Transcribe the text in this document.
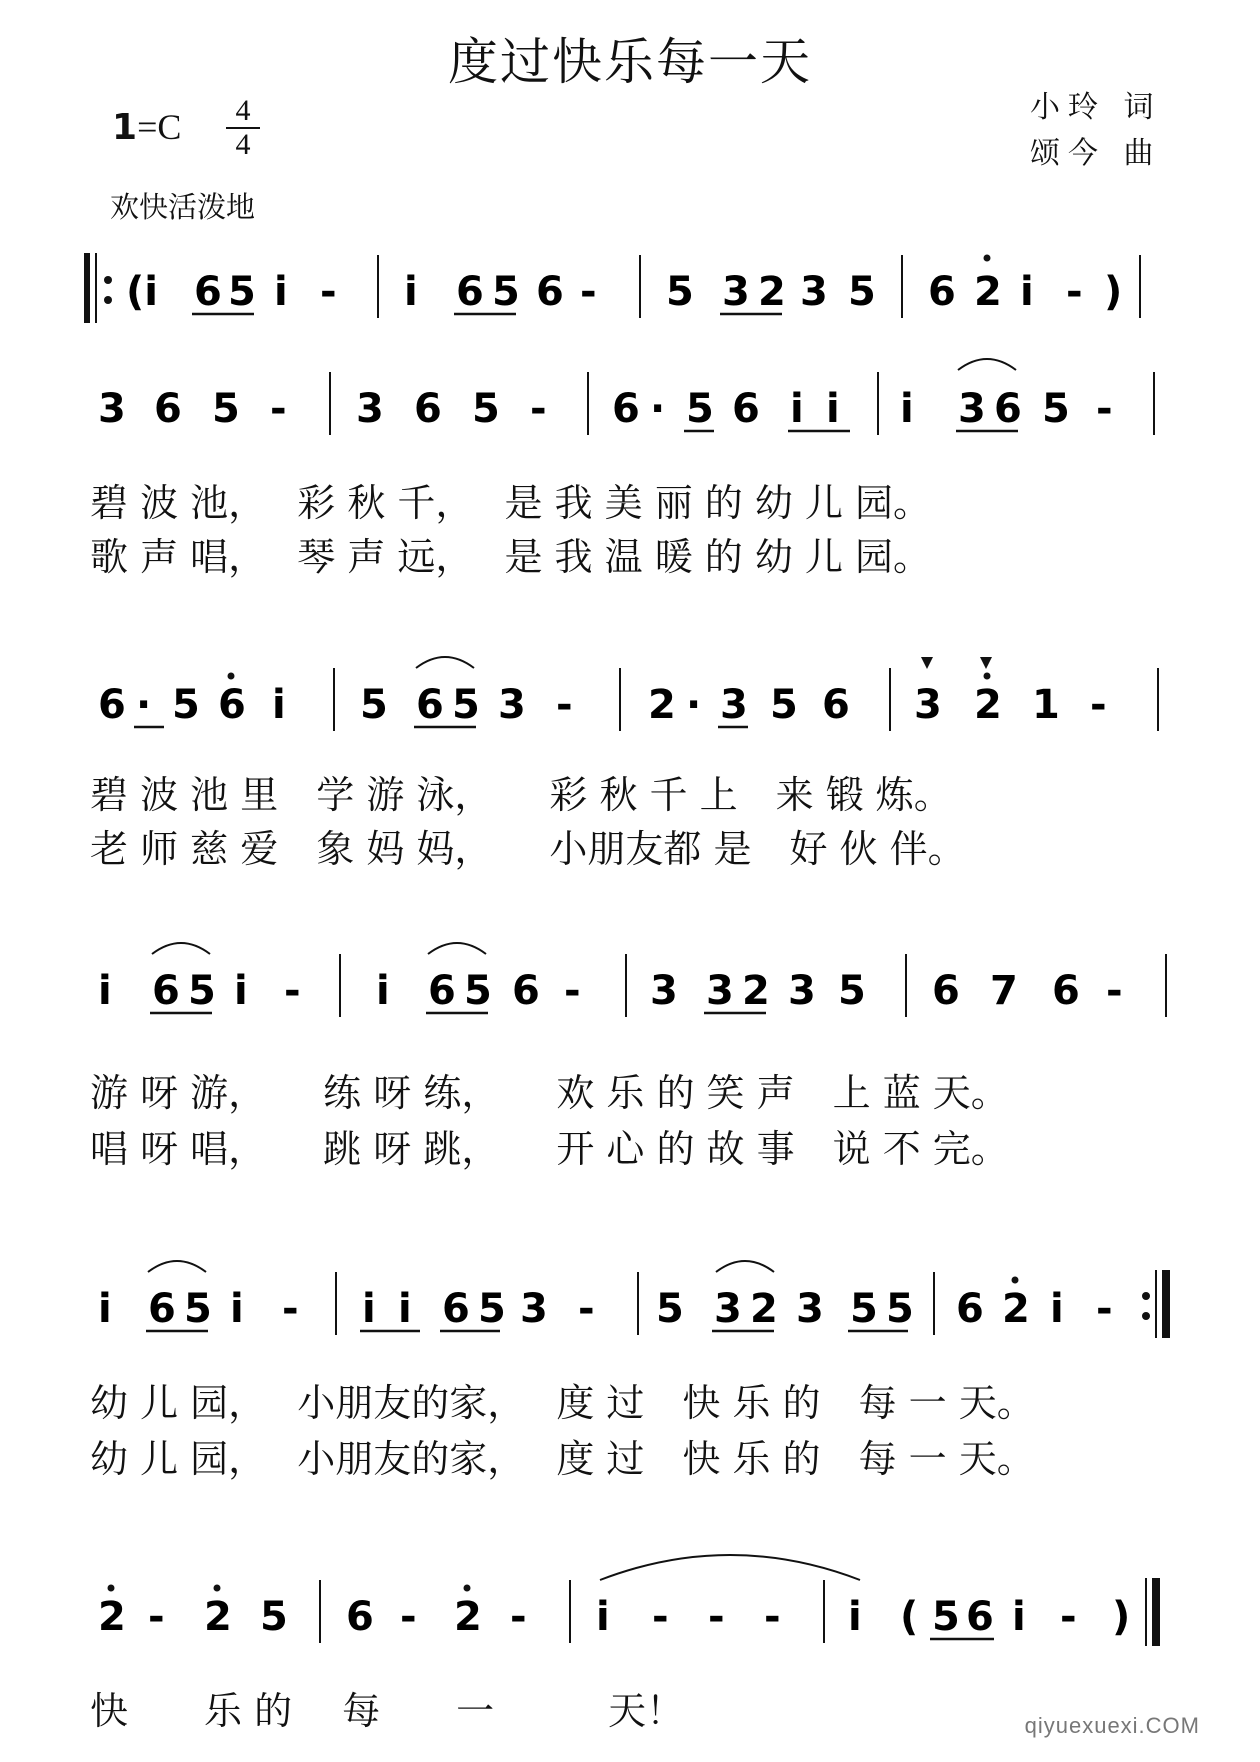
度过快乐每一天
1=C	4
4
小玲 词
颂今 曲
欢快活泼地
(i 6 5 i - i 6 5 6 - 5 3 2 3 5 6 2 i - )
3 6 5 - 3 6 5 - 6 · 5 6 i i i 3 6 5 -
6 · 5 6 i 5 6 5 3 - 2 · 3 5 6 3 2 1 -
i 6 5 i - i 6 5 6 - 3 3 2 3 5 6 7 6 -
i 6 5 i - i i 6 5 3 - 5 3 2 3 5 5 6 2 i -
2 - 2 5 6 - 2 - i - - - i ( 5 6 i - )
碧 波 池，　 彩 秋 千，　 是 我 美 丽 的 幼 儿 园。
歌 声 唱，　 琴 声 远，　 是 我 温 暖 的 幼 儿 园。
碧 波 池 里　学 游 泳，　　彩 秋 千 上　来 锻 炼。
老 师 慈 爱　象 妈 妈，　　小朋友都 是　好 伙 伴。
游 呀 游，　　练 呀 练，　　欢 乐 的 笑 声　上 蓝 天。
唱 呀 唱，　　跳 呀 跳，　　开 心 的 故 事　说 不 完。
幼 儿 园，　 小朋友的家，　 度 过　快 乐 的　每 一 天。
幼 儿 园，　 小朋友的家，　 度 过　快 乐 的　每 一 天。
快　　乐 的　 每　　一　　　天！	qiyuexuexi.COM
